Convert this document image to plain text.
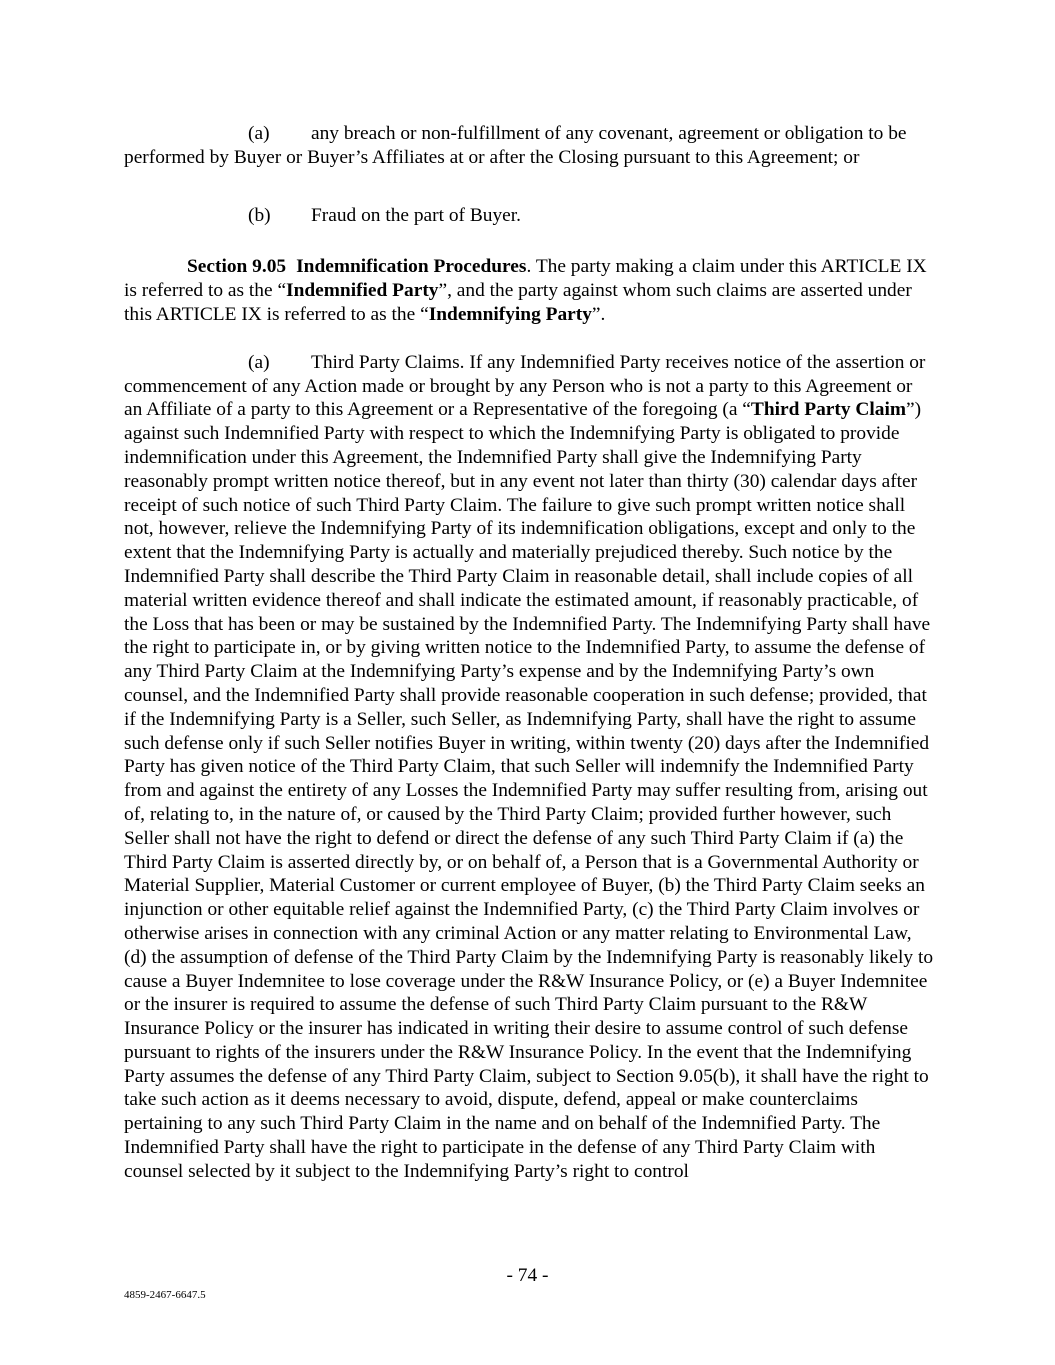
(a) any breach or non-fulfillment of any covenant, agreement or obligation to be performed by Buyer or Buyer’s Affiliates at or after the Closing pursuant to this Agreement; or

(b) Fraud on the part of Buyer.

Section 9.05 Indemnification Procedures. The party making a claim under this ARTICLE IX is referred to as the “Indemnified Party”, and the party against whom such claims are asserted under this ARTICLE IX is referred to as the “Indemnifying Party”.

(a) Third Party Claims. If any Indemnified Party receives notice of the assertion or commencement of any Action made or brought by any Person who is not a party to this Agreement or an Affiliate of a party to this Agreement or a Representative of the foregoing (a “Third Party Claim”) against such Indemnified Party with respect to which the Indemnifying Party is obligated to provide indemnification under this Agreement, the Indemnified Party shall give the Indemnifying Party reasonably prompt written notice thereof, but in any event not later than thirty (30) calendar days after receipt of such notice of such Third Party Claim. The failure to give such prompt written notice shall not, however, relieve the Indemnifying Party of its indemnification obligations, except and only to the extent that the Indemnifying Party is actually and materially prejudiced thereby. Such notice by the Indemnified Party shall describe the Third Party Claim in reasonable detail, shall include copies of all material written evidence thereof and shall indicate the estimated amount, if reasonably practicable, of the Loss that has been or may be sustained by the Indemnified Party. The Indemnifying Party shall have the right to participate in, or by giving written notice to the Indemnified Party, to assume the defense of any Third Party Claim at the Indemnifying Party’s expense and by the Indemnifying Party’s own counsel, and the Indemnified Party shall provide reasonable cooperation in such defense; provided, that if the Indemnifying Party is a Seller, such Seller, as Indemnifying Party, shall have the right to assume such defense only if such Seller notifies Buyer in writing, within twenty (20) days after the Indemnified Party has given notice of the Third Party Claim, that such Seller will indemnify the Indemnified Party from and against the entirety of any Losses the Indemnified Party may suffer resulting from, arising out of, relating to, in the nature of, or caused by the Third Party Claim; provided further however, such Seller shall not have the right to defend or direct the defense of any such Third Party Claim if (a) the Third Party Claim is asserted directly by, or on behalf of, a Person that is a Governmental Authority or Material Supplier, Material Customer or current employee of Buyer, (b) the Third Party Claim seeks an injunction or other equitable relief against the Indemnified Party, (c) the Third Party Claim involves or otherwise arises in connection with any criminal Action or any matter relating to Environmental Law, (d) the assumption of defense of the Third Party Claim by the Indemnifying Party is reasonably likely to cause a Buyer Indemnitee to lose coverage under the R&W Insurance Policy, or (e) a Buyer Indemnitee or the insurer is required to assume the defense of such Third Party Claim pursuant to the R&W Insurance Policy or the insurer has indicated in writing their desire to assume control of such defense pursuant to rights of the insurers under the R&W Insurance Policy. In the event that the Indemnifying Party assumes the defense of any Third Party Claim, subject to Section 9.05(b), it shall have the right to take such action as it deems necessary to avoid, dispute, defend, appeal or make counterclaims pertaining to any such Third Party Claim in the name and on behalf of the Indemnified Party. The Indemnified Party shall have the right to participate in the defense of any Third Party Claim with counsel selected by it subject to the Indemnifying Party’s right to control

- 74 -
4859-2467-6647.5
